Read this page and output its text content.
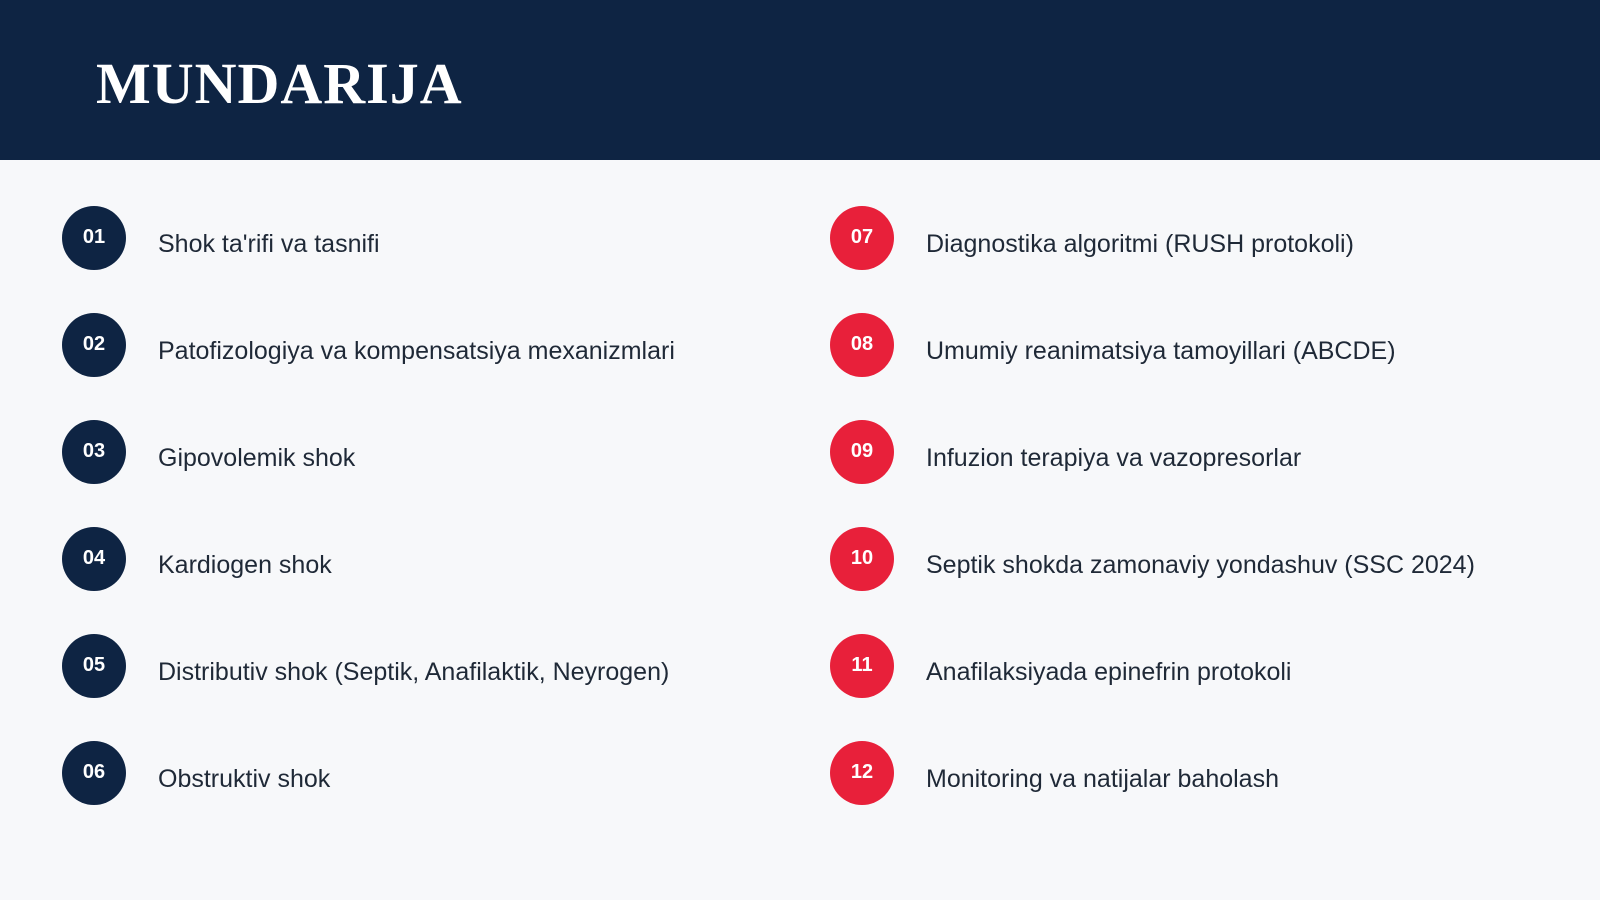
MUNDARIJA
01	Shok ta'rifi va tasnifi
02	Patofizologiya va kompensatsiya mexanizmlari
03	Gipovolemik shok
04	Kardiogen shok
05	Distributiv shok (Septik, Anafilaktik, Neyrogen)
06	Obstruktiv shok
07	Diagnostika algoritmi (RUSH protokoli)
08	Umumiy reanimatsiya tamoyillari (ABCDE)
09	Infuzion terapiya va vazopresorlar
10	Septik shokda zamonaviy yondashuv (SSC 2024)
11	Anafilaksiyada epinefrin protokoli
12	Monitoring va natijalar baholash
